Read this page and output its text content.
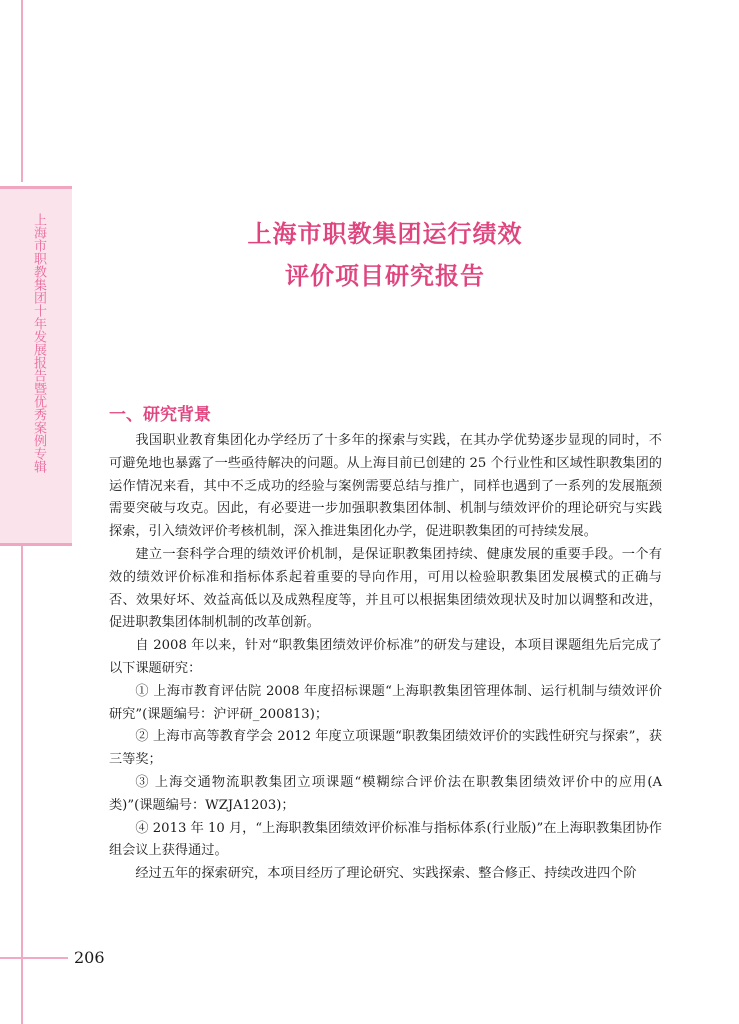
上海市职教集团十年发展报告暨优秀案例专辑	上海市职教集团运行绩效
评价项目研究报告
一、研究背景

我国职业教育集团化办学经历了十多年的探索与实践，在其办学优势逐步显现的同时，不可避免地也暴露了一些亟待解决的问题。从上海目前已创建的 25 个行业性和区域性职教集团的运作情况来看，其中不乏成功的经验与案例需要总结与推广，同样也遇到了一系列的发展瓶颈需要突破与攻克。因此，有必要进一步加强职教集团体制、机制与绩效评价的理论研究与实践探索，引入绩效评价考核机制，深入推进集团化办学，促进职教集团的可持续发展。

建立一套科学合理的绩效评价机制，是保证职教集团持续、健康发展的重要手段。一个有效的绩效评价标准和指标体系起着重要的导向作用，可用以检验职教集团发展模式的正确与否、效果好坏、效益高低以及成熟程度等，并且可以根据集团绩效现状及时加以调整和改进，促进职教集团体制机制的改革创新。

自 2008 年以来，针对“职教集团绩效评价标准”的研发与建设，本项目课题组先后完成了以下课题研究：

① 上海市教育评估院 2008 年度招标课题“上海职教集团管理体制、运行机制与绩效评价研究”(课题编号：沪评研_200813)；

② 上海市高等教育学会 2012 年度立项课题“职教集团绩效评价的实践性研究与探索”，获三等奖；

③ 上海交通物流职教集团立项课题“模糊综合评价法在职教集团绩效评价中的应用(A 类)”(课题编号：WZJA1203)；

④ 2013 年 10 月，“上海职教集团绩效评价标准与指标体系(行业版)”在上海职教集团协作组会议上获得通过。

经过五年的探索研究，本项目经历了理论研究、实践探索、整合修正、持续改进四个阶

206
